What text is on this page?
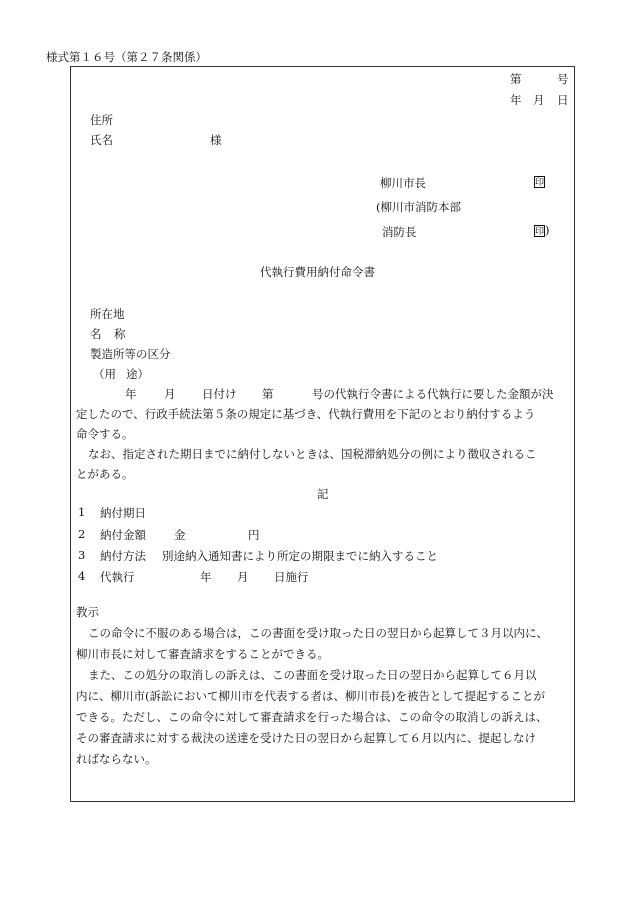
様式第１６号（第２７条関係）
第	号
年 月 日
住所
氏名	様
柳川市長	印
(柳川市消防本部
消防長	印)
代執行費用納付命令書
所在地
名 称
製造所等の区分
（用 途）
年 月 日付け 第	号の代執行令書による代執行に要した金額が決
定したので、行政手続法第５条の規定に基づき、代執行費用を下記のとおり納付するよう
命令する。
なお、指定された期日までに納付しないときは、国税滞納処分の例により徴収されるこ
とがある。
記
1 納付期日
2 納付金額 金	円
3 納付方法 別途納入通知書により所定の期限までに納入すること
4 代執行	年 月 日施行
教示
この命令に不服のある場合は，この書面を受け取った日の翌日から起算して３月以内に、
柳川市長に対して審査請求をすることができる。
また、この処分の取消しの訴えは、この書面を受け取った日の翌日から起算して６月以
内に、柳川市(訴訟において柳川市を代表する者は、柳川市長)を被告として提起することが
できる。ただし、この命令に対して審査請求を行った場合は、この命令の取消しの訴えは、
その審査請求に対する裁決の送達を受けた日の翌日から起算して６月以内に、提起しなけ
ればならない。
